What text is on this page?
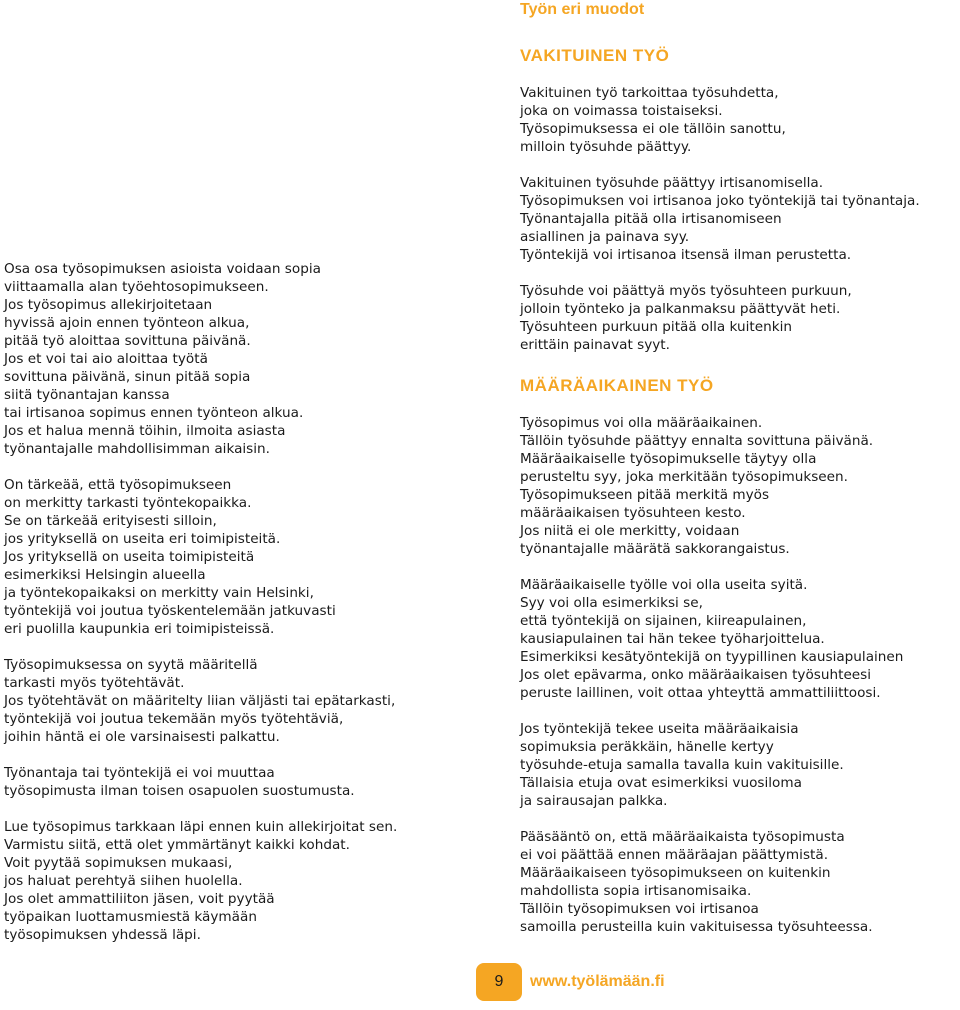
Työn eri muodot
Osa osa työsopimuksen asioista voidaan sopia
viittaamalla alan työehtosopimukseen.
Jos työsopimus allekirjoitetaan
hyvissä ajoin ennen työnteon alkua,
pitää työ aloittaa sovittuna päivänä.
Jos et voi tai aio aloittaa työtä
sovittuna päivänä, sinun pitää sopia
siitä työnantajan kanssa
tai irtisanoa sopimus ennen työnteon alkua.
Jos et halua mennä töihin, ilmoita asiasta
työnantajalle mahdollisimman aikaisin.
On tärkeää, että työsopimukseen
on merkitty tarkasti työntekopaikka.
Se on tärkeää erityisesti silloin,
jos yrityksellä on useita eri toimipisteitä.
Jos yrityksellä on useita toimipisteitä
esimerkiksi Helsingin alueella
ja työntekopaikaksi on merkitty vain Helsinki,
työntekijä voi joutua työskentelemään jatkuvasti
eri puolilla kaupunkia eri toimipisteissä.
Työsopimuksessa on syytä määritellä
tarkasti myös työtehtävät.
Jos työtehtävät on määritelty liian väljästi tai epätarkasti,
työntekijä voi joutua tekemään myös työtehtäviä,
joihin häntä ei ole varsinaisesti palkattu.
Työnantaja tai työntekijä ei voi muuttaa
työsopimusta ilman toisen osapuolen suostumusta.
Lue työsopimus tarkkaan läpi ennen kuin allekirjoitat sen.
Varmistu siitä, että olet ymmärtänyt kaikki kohdat.
Voit pyytää sopimuksen mukaasi,
jos haluat perehtyä siihen huolella.
Jos olet ammattiliiton jäsen, voit pyytää
työpaikan luottamusmiestä käymään
työsopimuksen yhdessä läpi.
VAKITUINEN TYÖ
Vakituinen työ tarkoittaa työsuhdetta,
joka on voimassa toistaiseksi.
Työsopimuksessa ei ole tällöin sanottu,
milloin työsuhde päättyy.
Vakituinen työsuhde päättyy irtisanomisella.
Työsopimuksen voi irtisanoa joko työntekijä tai työnantaja.
Työnantajalla pitää olla irtisanomiseen
asiallinen ja painava syy.
Työntekijä voi irtisanoa itsensä ilman perustetta.
Työsuhde voi päättyä myös työsuhteen purkuun,
jolloin työnteko ja palkanmaksu päättyvät heti.
Työsuhteen purkuun pitää olla kuitenkin
erittäin painavat syyt.
MÄÄRÄAIKAINEN TYÖ
Työsopimus voi olla määräaikainen.
Tällöin työsuhde päättyy ennalta sovittuna päivänä.
Määräaikaiselle työsopimukselle täytyy olla
perusteltu syy, joka merkitään työsopimukseen.
Työsopimukseen pitää merkitä myös
määräaikaisen työsuhteen kesto.
Jos niitä ei ole merkitty, voidaan
työnantajalle määrätä sakkorangaistus.
Määräaikaiselle työlle voi olla useita syitä.
Syy voi olla esimerkiksi se,
että työntekijä on sijainen, kiireapulainen,
kausiapulainen tai hän tekee työharjoittelua.
Esimerkiksi kesätyöntekijä on tyypillinen kausiapulainen
Jos olet epävarma, onko määräaikaisen työsuhteesi
peruste laillinen, voit ottaa yhteyttä ammattiliittoosi.
Jos työntekijä tekee useita määräaikaisia
sopimuksia peräkkäin, hänelle kertyy
työsuhde-etuja samalla tavalla kuin vakituisille.
Tällaisia etuja ovat esimerkiksi vuosiloma
ja sairausajan palkka.
Pääsääntö on, että määräaikaista työsopimusta
ei voi päättää ennen määräajan päättymistä.
Määräaikaiseen työsopimukseen on kuitenkin
mahdollista sopia irtisanomisaika.
Tällöin työsopimuksen voi irtisanoa
samoilla perusteilla kuin vakituisessa työsuhteessa.
9	www.työlämään.fi
